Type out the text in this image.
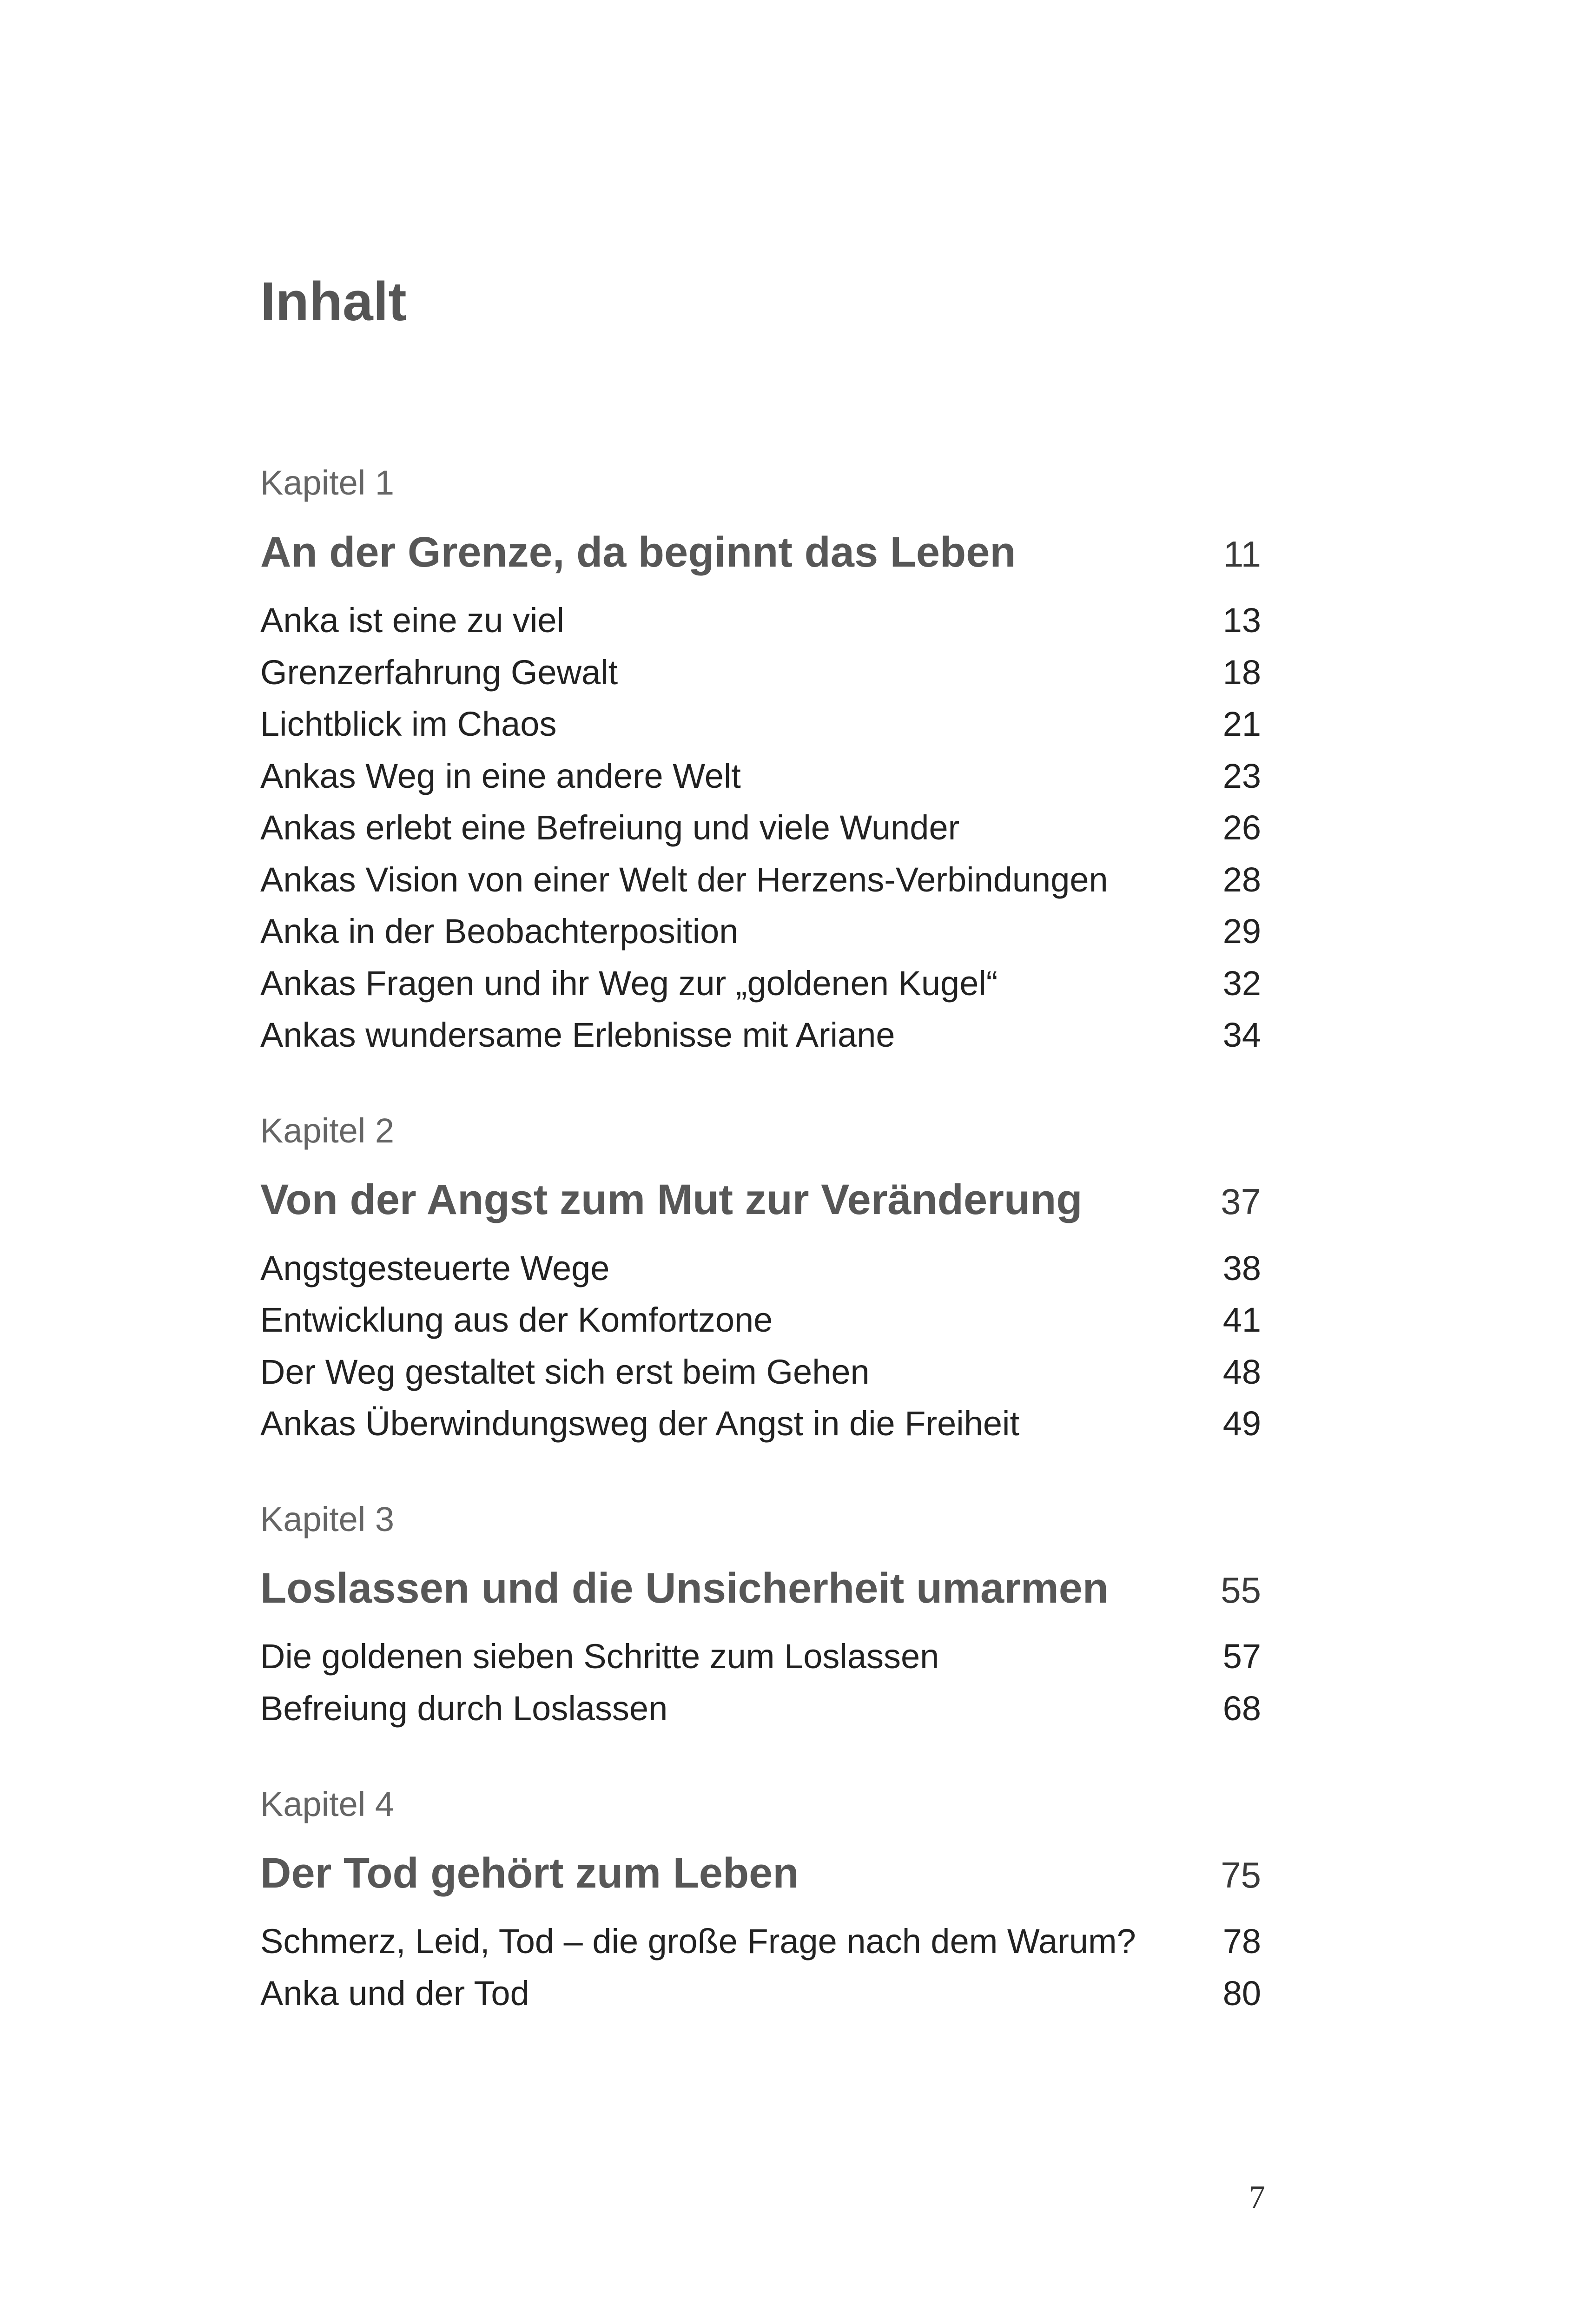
Inhalt
Kapitel 1
An der Grenze, da beginnt das Leben	11
Anka ist eine zu viel	13
Grenzerfahrung Gewalt	18
Lichtblick im Chaos	21
Ankas Weg in eine andere Welt	23
Ankas erlebt eine Befreiung und viele Wunder	26
Ankas Vision von einer Welt der Herzens-Verbindungen	28
Anka in der Beobachterposition	29
Ankas Fragen und ihr Weg zur „goldenen Kugel“	32
Ankas wundersame Erlebnisse mit Ariane	34
Kapitel 2
Von der Angst zum Mut zur Veränderung	37
Angstgesteuerte Wege	38
Entwicklung aus der Komfortzone	41
Der Weg gestaltet sich erst beim Gehen	48
Ankas Überwindungsweg der Angst in die Freiheit	49
Kapitel 3
Loslassen und die Unsicherheit umarmen	55
Die goldenen sieben Schritte zum Loslassen	57
Befreiung durch Loslassen	68
Kapitel 4
Der Tod gehört zum Leben	75
Schmerz, Leid, Tod – die große Frage nach dem Warum?	78
Anka und der Tod	80
7
